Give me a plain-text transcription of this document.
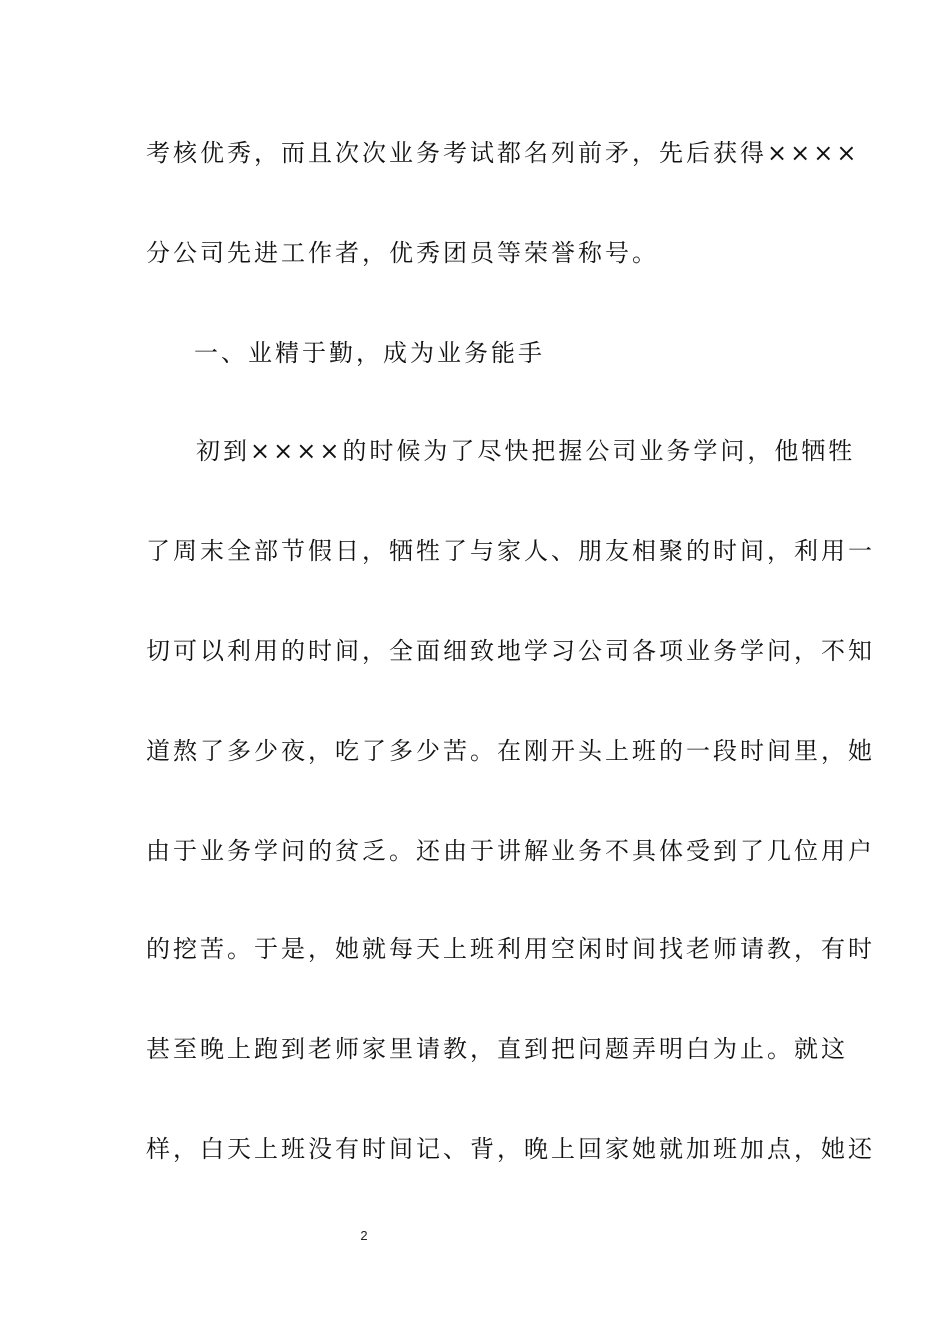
考核优秀，而且次次业务考试都名列前矛，先后获得××××
分公司先进工作者，优秀团员等荣誉称号。
一、业精于勤，成为业务能手
初到××××的时候为了尽快把握公司业务学问，他牺牲
了周末全部节假日，牺牲了与家人、朋友相聚的时间，利用一
切可以利用的时间，全面细致地学习公司各项业务学问，不知
道熬了多少夜，吃了多少苦。在刚开头上班的一段时间里，她
由于业务学问的贫乏。还由于讲解业务不具体受到了几位用户
的挖苦。于是，她就每天上班利用空闲时间找老师请教，有时
甚至晚上跑到老师家里请教，直到把问题弄明白为止。就这
样，白天上班没有时间记、背，晚上回家她就加班加点，她还
2
